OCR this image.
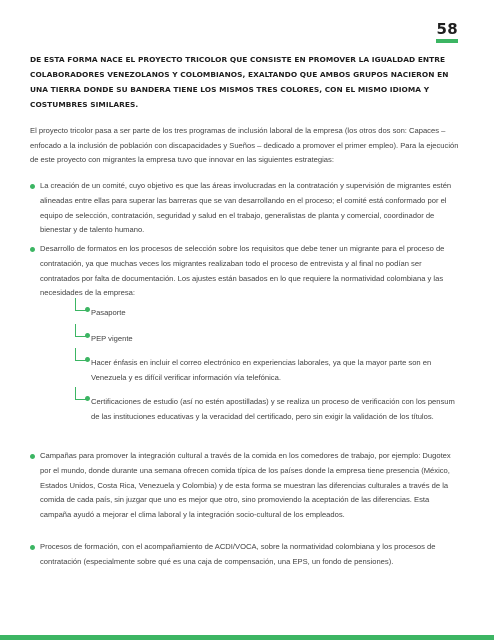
58
DE ESTA FORMA NACE EL PROYECTO TRICOLOR QUE CONSISTE EN PROMOVER LA IGUALDAD ENTRE COLABORADORES VENEZOLANOS Y COLOMBIANOS, EXALTANDO QUE AMBOS GRUPOS NACIERON EN UNA TIERRA DONDE SU BANDERA TIENE LOS MISMOS TRES COLORES, CON EL MISMO IDIOMA Y COSTUMBRES SIMILARES.
El proyecto tricolor pasa a ser parte de los tres programas de inclusión laboral de la empresa (los otros dos son: Capaces – enfocado a la inclusión de población con discapacidades y Sueños – dedicado a promover el primer empleo). Para la ejecución de este proyecto con migrantes la empresa tuvo que innovar en las siguientes estrategias:
La creación de un comité, cuyo objetivo es que las áreas involucradas en la contratación y supervisión de migrantes estén alineadas entre ellas para superar las barreras que se van desarrollando en el proceso; el comité está conformado por el equipo de selección, contratación, seguridad y salud en el trabajo, generalistas de planta y comercial, coordinador de bienestar y de talento humano.
Desarrollo de formatos en los procesos de selección sobre los requisitos que debe tener un migrante para el proceso de contratación, ya que muchas veces los migrantes realizaban todo el proceso de entrevista y al final no podían ser contratados por falta de documentación. Los ajustes están basados en lo que requiere la normatividad colombiana y las necesidades de la empresa:
Pasaporte
PEP vigente
Hacer énfasis en incluir el correo electrónico en experiencias laborales, ya que la mayor parte son en Venezuela y es difícil verificar información vía telefónica.
Certificaciones de estudio (así no estén apostilladas) y se realiza un proceso de verificación con los pensum de las instituciones educativas y la veracidad del certificado, pero sin exigir la validación de los títulos.
Campañas para promover la integración cultural a través de la comida en los comedores de trabajo, por ejemplo: Dugotex por el mundo, donde durante una semana ofrecen comida típica de los países donde la empresa tiene presencia (México, Estados Unidos, Costa Rica, Venezuela y Colombia) y de esta forma se muestran las diferencias culturales a través de la comida de cada país, sin juzgar que uno es mejor que otro, sino promoviendo la aceptación de las diferencias. Esta campaña ayudó a mejorar el clima laboral y la integración socio-cultural de los empleados.
Procesos de formación, con el acompañamiento de ACDI/VOCA, sobre la normatividad colombiana y los procesos de contratación (especialmente sobre qué es una caja de compensación, una EPS, un fondo de pensiones).
